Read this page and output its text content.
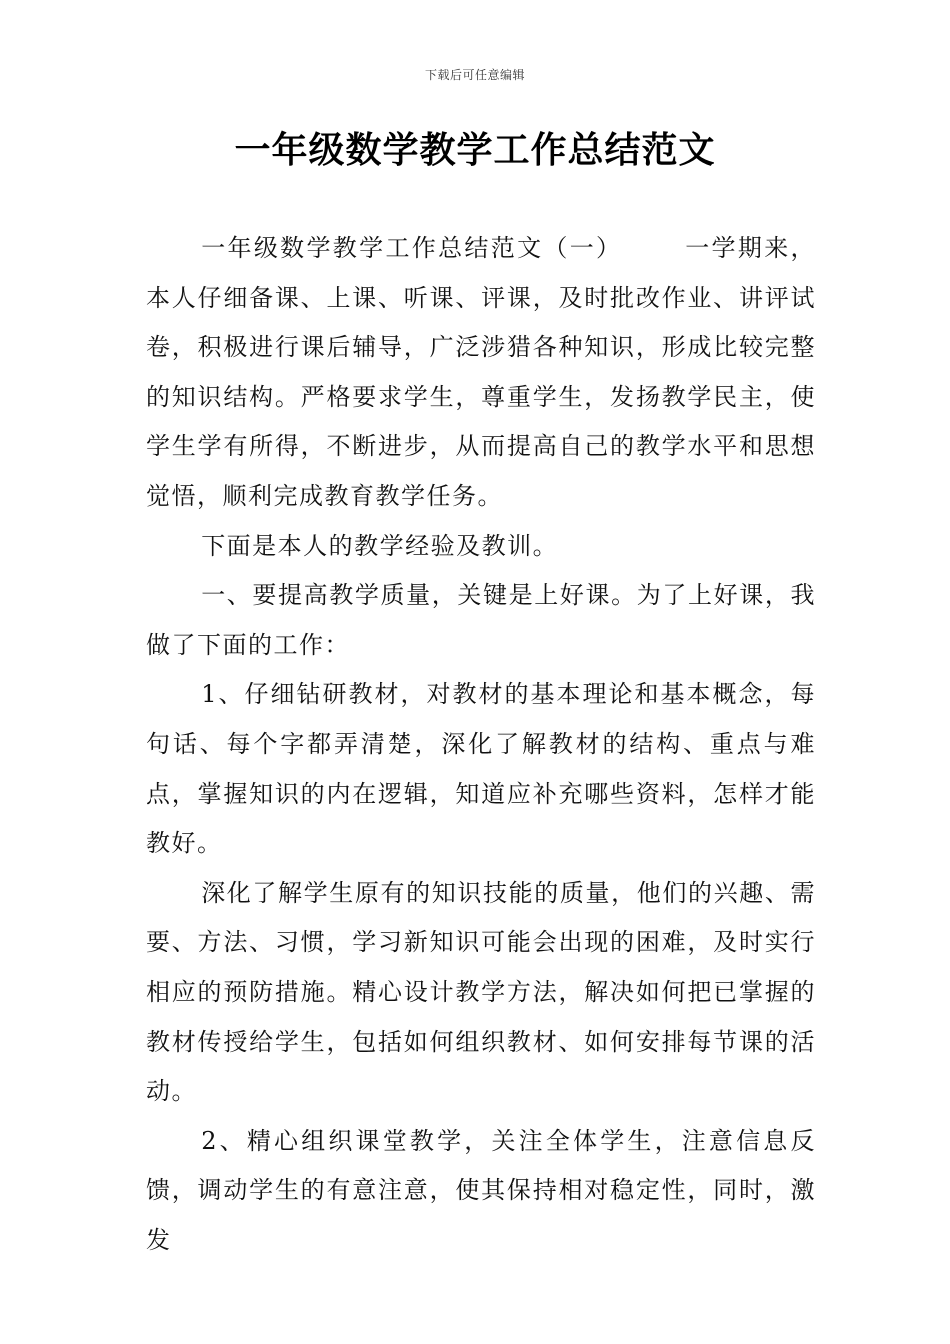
下载后可任意编辑
一年级数学教学工作总结范文

一年级数学教学工作总结范文（一）	一学期来，本人仔细备课、上课、听课、评课，及时批改作业、讲评试卷，积极进行课后辅导，广泛涉猎各种知识，形成比较完整的知识结构。严格要求学生，尊重学生，发扬教学民主，使学生学有所得，不断进步，从而提高自己的教学水平和思想觉悟，顺利完成教育教学任务。

下面是本人的教学经验及教训。

一、要提高教学质量，关键是上好课。为了上好课，我做了下面的工作：

1、仔细钻研教材，对教材的基本理论和基本概念，每句话、每个字都弄清楚，深化了解教材的结构、重点与难点，掌握知识的内在逻辑，知道应补充哪些资料，怎样才能教好。

深化了解学生原有的知识技能的质量，他们的兴趣、需要、方法、习惯，学习新知识可能会出现的困难，及时实行相应的预防措施。精心设计教学方法，解决如何把已掌握的教材传授给学生，包括如何组织教材、如何安排每节课的活动。

2、精心组织课堂教学，关注全体学生，注意信息反馈，调动学生的有意注意，使其保持相对稳定性，同时，激发
